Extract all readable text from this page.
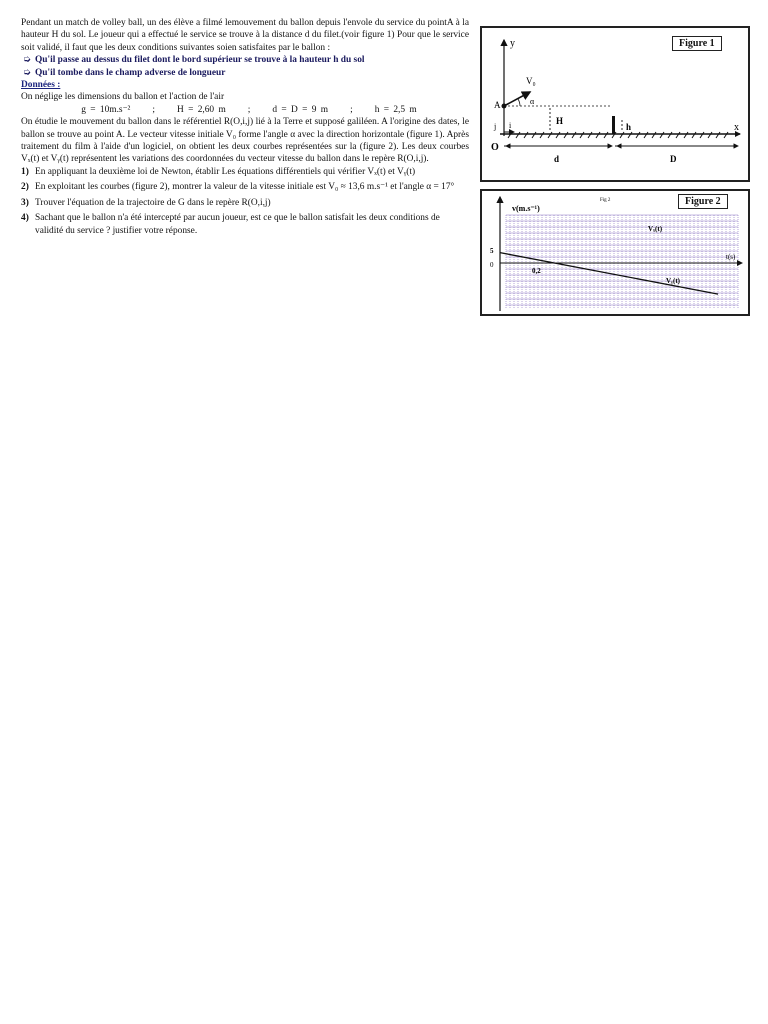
Pendant un match de volley ball, un des élève a filmé lemouvement du ballon depuis l'envole du service du pointA à la hauteur H du sol. Le joueur qui a effectué le service se trouve à la distance d du filet.(voir figure 1) Pour que le service soit validé, il faut que les deux conditions suivantes soien satisfaites par le ballon :

➭ Qu'il passe au dessus du filet dont le bord supérieur se trouve à la hauteur h du sol
➭ Qu'il tombe dans le champ adverse de longueur

Données :

On néglige les dimensions du ballon et l'action de l'air

g = 10m.s⁻² ; H = 2,60 m ; d = D = 9 m ; h = 2,5 m

On étudie le mouvement du ballon dans le référentiel R(O,i,j) lié à la Terre et supposé galiléen. A l'origine des dates, le ballon se trouve au point A. Le vecteur vitesse initiale V₀ forme l'angle α avec la direction horizontale (figure 1). Après traitement du film à l'aide d'un logiciel, on obtient les deux courbes représentées sur la (figure 2). Les deux courbes Vₓ(t) et Vᵧ(t) représentent les variations des coordonnées du vecteur vitesse du ballon dans le repère R(O,i,j).

1) En appliquant la deuxième loi de Newton, établir Les équations différentiels qui vérifier Vₓ(t) et Vᵧ(t)
2) En exploitant les courbes (figure 2), montrer la valeur de la vitesse initiale est V₀ ≈ 13,6 m.s⁻¹ et l'angle α = 17°
3) Trouver l'équation de la trajectoire de G dans le repère R(O,i,j)
4) Sachant que le ballon n'a été intercepté par aucun joueur, est ce que le ballon satisfait les deux conditions de validité du service ? justifier votre réponse.
Figure 1
y
x
O
i
j
A
V₀
α
H
h
d	D
Figure 2
v(m.s⁻¹)
t(s)
Fig 2
5
0
0,2
Vₓ(t)
Vᵧ(t)
